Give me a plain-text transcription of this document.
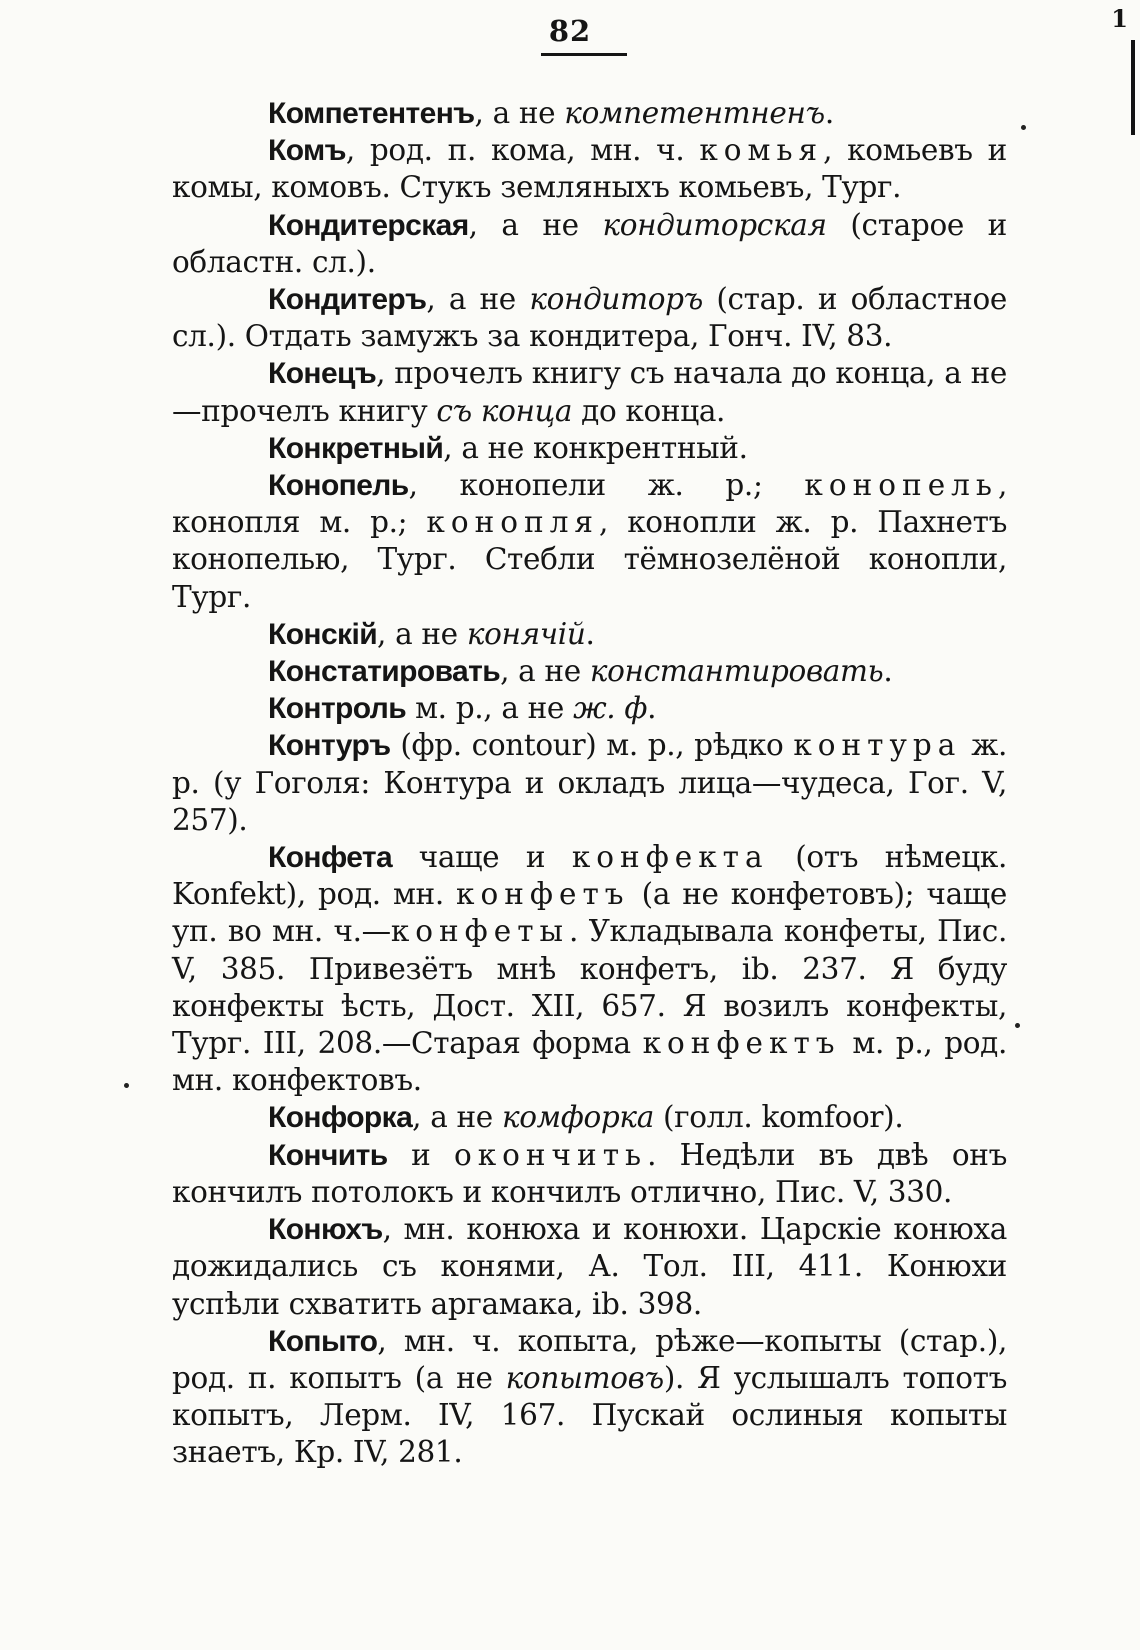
82	1

Компетентенъ, а не компетентненъ.

Комъ, род. п. кома, мн. ч. комья, комьевъ и комы, комовъ. Стукъ земляныхъ комьевъ, Тург.

Кондитерская, а не кондиторская (старое и областн. сл.).

Кондитеръ, а не кондиторъ (стар. и областное сл.). Отдать замужъ за кондитера, Гонч. IV, 83.

Конецъ, прочелъ книгу съ начала до конца, а не—прочелъ книгу съ конца до конца.

Конкретный, а не конкрентный.

Конопель, конопели ж. р.; конопель, конопля м. р.; конопля, конопли ж. р. Пахнетъ конопелью, Тург. Стебли тёмнозелёной конопли, Тург.

Конскій, а не конячій.

Констатировать, а не константировать.

Контроль м. р., а не ж. ф.

Контуръ (фр. contour) м. р., рѣдко контура ж. р. (у Гоголя: Контура и окладъ лица—чудеса, Гог. V, 257).

Конфета чаще и конфекта (отъ нѣмецк. Konfekt), род. мн. конфетъ (а не конфетовъ); чаще уп. во мн. ч.—конфеты. Укладывала конфеты, Пис. V, 385. Привезётъ мнѣ конфетъ, ib. 237. Я буду конфекты ѣсть, Дост. XII, 657. Я возилъ конфекты, Тург. III, 208.—Старая форма конфектъ м. р., род. мн. конфектовъ.

Конфорка, а не комфорка (голл. komfoor).

Кончить и окончить. Недѣли въ двѣ онъ кончилъ потолокъ и кончилъ отлично, Пис. V, 330.

Конюхъ, мн. конюха и конюхи. Царскіе конюха дожидались съ конями, А. Тол. III, 411. Конюхи успѣли схватить аргамака, ib. 398.

Копыто, мн. ч. копыта, рѣже—копыты (стар.), род. п. копытъ (а не копытовъ). Я услышалъ топотъ копытъ, Лерм. IV, 167. Пускай ослиныя копыты знаетъ, Кр. IV, 281.
